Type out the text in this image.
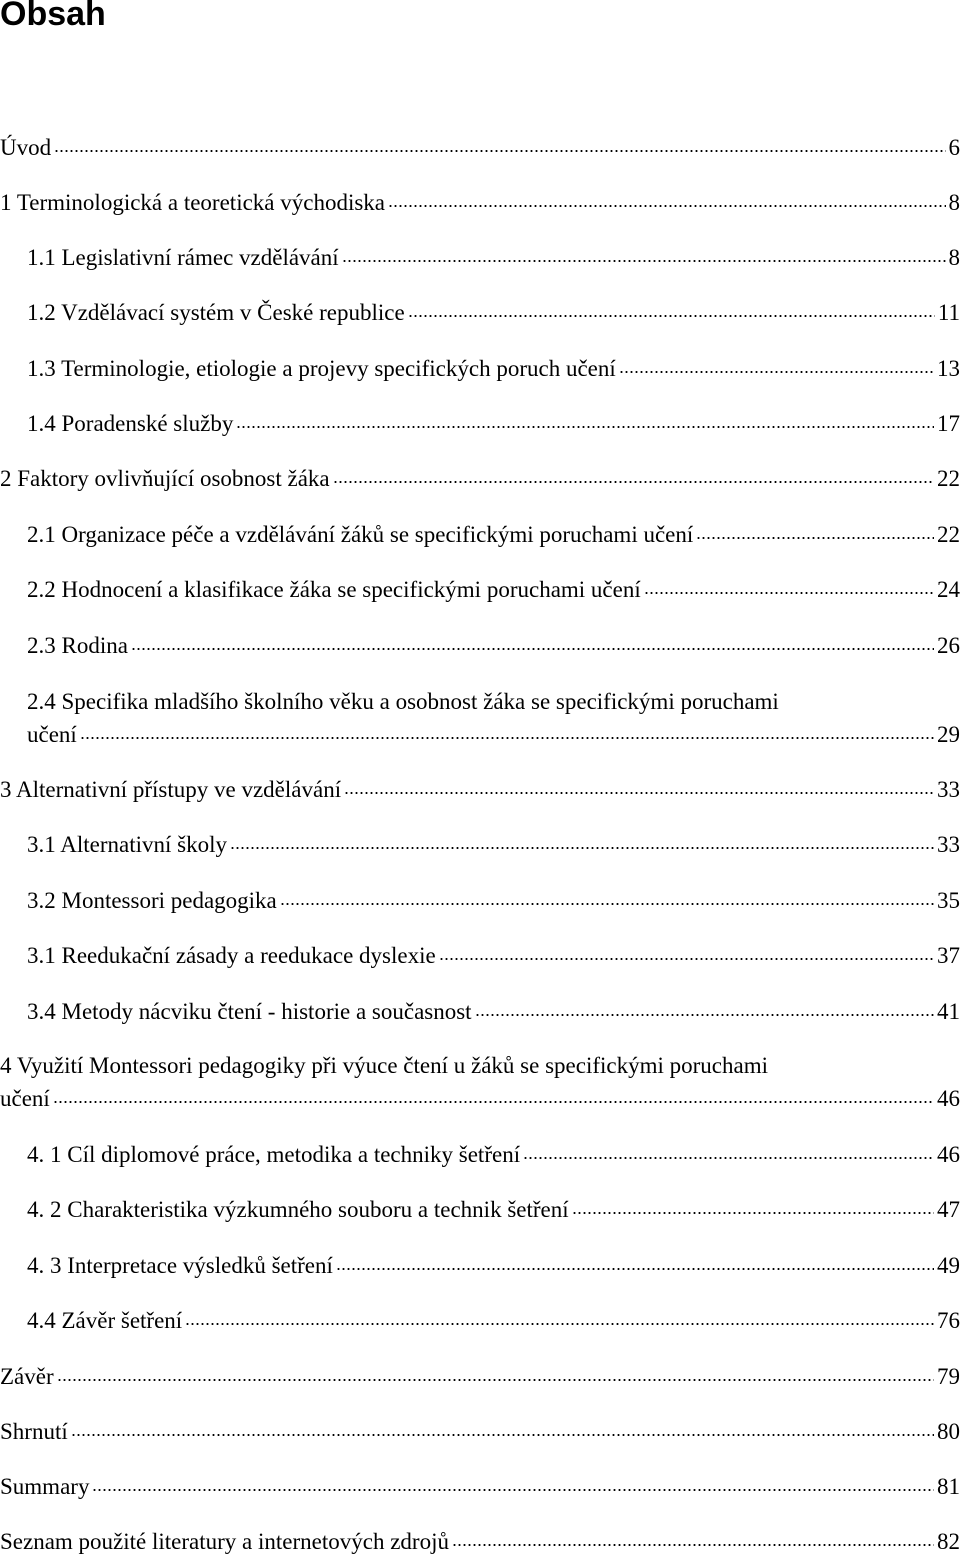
Obsah
Úvod	6
1 Terminologická a teoretická východiska	8
1.1 Legislativní rámec vzdělávání	8
1.2 Vzdělávací systém v České republice	11
1.3 Terminologie, etiologie a projevy specifických poruch učení	13
1.4 Poradenské služby	17
2 Faktory ovlivňující osobnost žáka	22
2.1 Organizace péče a vzdělávání žáků se specifickými poruchami učení	22
2.2 Hodnocení a klasifikace žáka se specifickými poruchami učení	24
2.3 Rodina	26
2.4 Specifika mladšího školního věku a osobnost žáka se specifickými poruchami
učení	29
3 Alternativní přístupy ve vzdělávání	33
3.1 Alternativní školy	33
3.2 Montessori pedagogika	35
3.1 Reedukační zásady a reedukace dyslexie	37
3.4 Metody nácviku čtení - historie a současnost	41
4 Využití Montessori pedagogiky při výuce čtení u žáků se specifickými poruchami
učení	46
4. 1 Cíl diplomové práce, metodika a techniky šetření	46
4. 2 Charakteristika výzkumného souboru a technik šetření	47
4. 3 Interpretace výsledků šetření	49
4.4 Závěr šetření	76
Závěr	79
Shrnutí	80
Summary	81
Seznam použité literatury a internetových zdrojů	82
